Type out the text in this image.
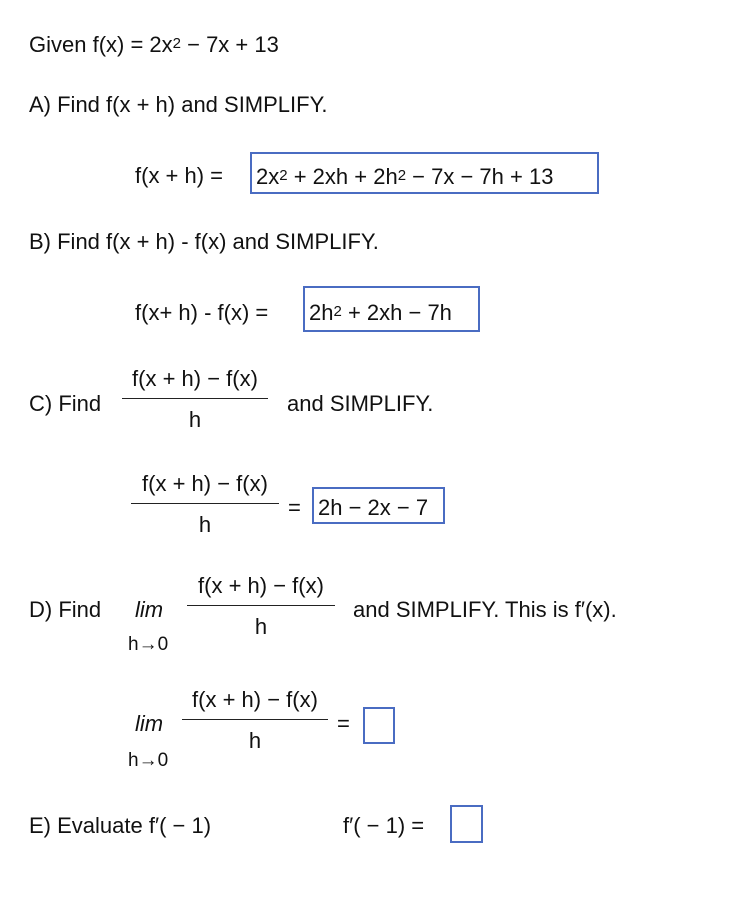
Given $f(x) = 2x^2 - 7x + 13$
A) Find f(x + h) and SIMPLIFY.
$f(x + h) = 2x^2 + 2xh + 2h^2 - 7x - 7h + 13$
B) Find f(x + h) - f(x) and SIMPLIFY.
$f(x+ h) - f(x) = 2h^2 + 2xh - 7h$
C) Find
f(x + h) − f(x)
h
and SIMPLIFY.
f(x + h) − f(x)
h
= 2h − 2x − 7
D) Find lim
h→0
f(x + h) − f(x)
h
and SIMPLIFY. This is f′(x).
lim
h→0
f(x + h) − f(x)
h
=
E) Evaluate f′( − 1)	f′( − 1) =
